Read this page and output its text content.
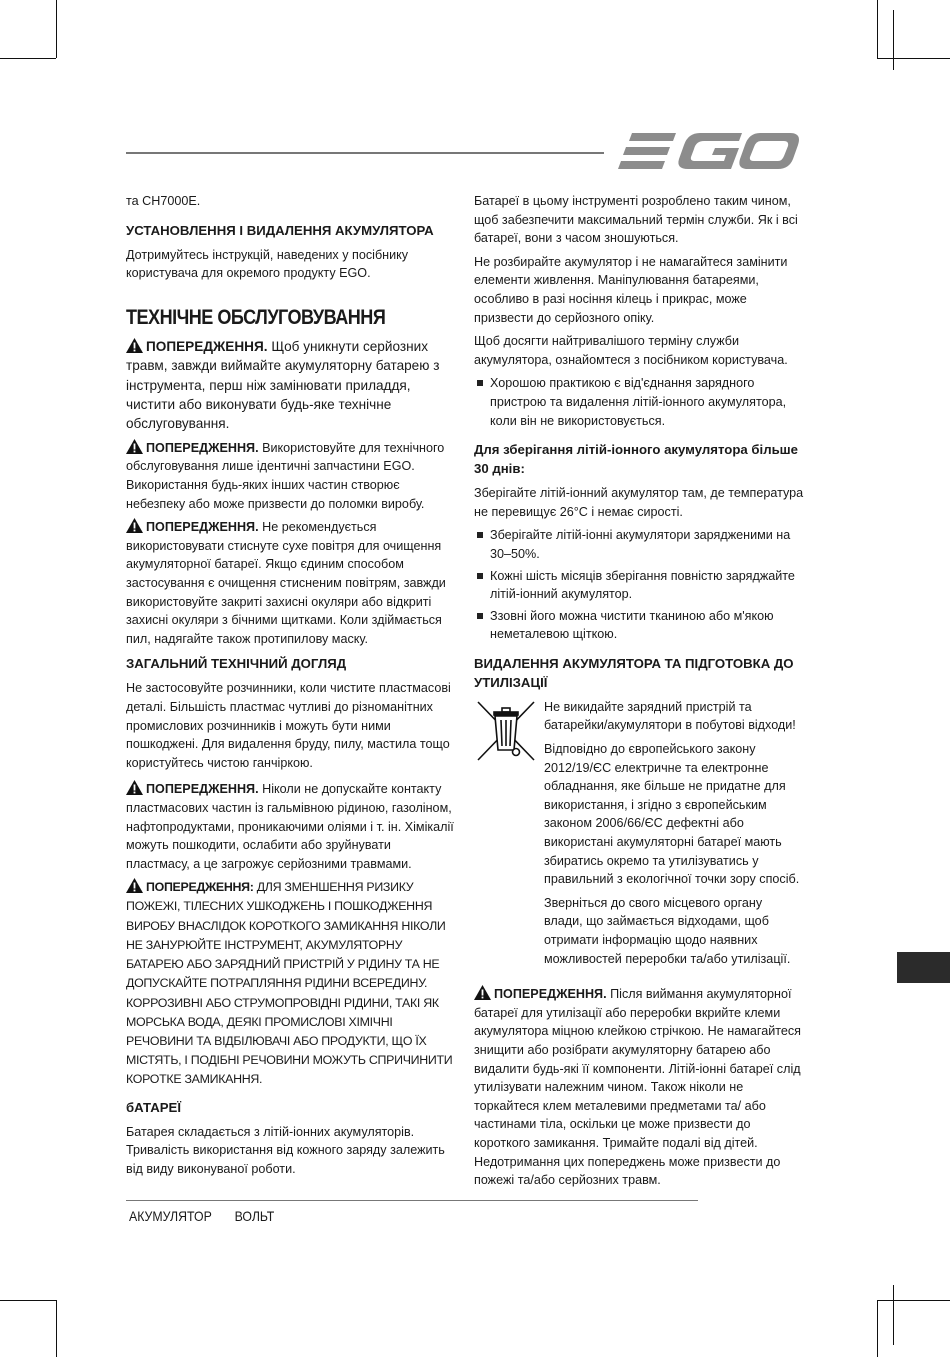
та CH7000E.

УСТАНОВЛЕННЯ І ВИДАЛЕННЯ АКУМУЛЯТОРА

Дотримуйтесь інструкцій, наведених у посібнику користувача для окремого продукту EGO.

ТЕХНІЧНЕ ОБСЛУГОВУВАННЯ

ПОПЕРЕДЖЕННЯ. Щоб уникнути серйозних травм, завжди виймайте акумуляторну батарею з інструмента, перш ніж замінювати приладдя, чистити або виконувати будь-яке технічне обслуговування.

ПОПЕРЕДЖЕННЯ. Використовуйте для технічного обслуговування лише ідентичні запчастини EGO. Використання будь-яких інших частин створює небезпеку або може призвести до поломки виробу.

ПОПЕРЕДЖЕННЯ. Не рекомендується використовувати стиснуте сухе повітря для очищення акумуляторної батареї. Якщо єдиним способом застосування є очищення стисненим повітрям, завжди використовуйте закриті захисні окуляри або відкриті захисні окуляри з бічними щитками. Коли здіймається пил, надягайте також протипилову маску.

ЗАГАЛЬНИЙ ТЕХНІЧНИЙ ДОГЛЯД

Не застосовуйте розчинники, коли чистите пластмасові деталі. Більшість пластмас чутливі до різноманітних промислових розчинників і можуть бути ними пошкоджені. Для видалення бруду, пилу, мастила тощо користуйтесь чистою ганчіркою.

ПОПЕРЕДЖЕННЯ. Ніколи не допускайте контакту пластмасових частин із гальмівною рідиною, газоліном, нафтопродуктами, проникаючими оліями і т. ін. Хімікалії можуть пошкодити, ослабити або зруйнувати пластмасу, а це загрожує серйозними травмами.

ПОПЕРЕДЖЕННЯ: ДЛЯ ЗМЕНШЕННЯ РИЗИКУ ПОЖЕЖІ, ТІЛЕСНИХ УШКОДЖЕНЬ І ПОШКОДЖЕННЯ ВИРОБУ ВНАСЛІДОК КОРОТКОГО ЗАМИКАННЯ НІКОЛИ НЕ ЗАНУРЮЙТЕ ІНСТРУМЕНТ, АКУМУЛЯТОРНУ БАТАРЕЮ АБО ЗАРЯДНИЙ ПРИСТРІЙ У РІДИНУ ТА НЕ ДОПУСКАЙТЕ ПОТРАПЛЯННЯ РІДИНИ ВСЕРЕДИНУ. КОРРОЗИВНІ АБО СТРУМОПРОВІДНІ РІДИНИ, ТАКІ ЯК МОРСЬКА ВОДА, ДЕЯКІ ПРОМИСЛОВІ ХІМІЧНІ РЕЧОВИНИ ТА ВІДБІЛЮВАЧІ АБО ПРОДУКТИ, ЩО ЇХ МІСТЯТЬ, І ПОДІБНІ РЕЧОВИНИ МОЖУТЬ СПРИЧИНИТИ КОРОТКЕ ЗАМИКАННЯ.

бАТАРЕЇ

Батарея складається з літій-іонних акумуляторів. Тривалість використання від кожного заряду залежить від виду виконуваної роботи.

Батареї в цьому інструменті розроблено таким чином, щоб забезпечити максимальний термін служби. Як і всі батареї, вони з часом зношуються.

Не розбирайте акумулятор і не намагайтеся замінити елементи живлення. Маніпулювання батареями, особливо в разі носіння кілець і прикрас, може призвести до серйозного опіку.

Щоб досягти найтривалішого терміну служби акумулятора, ознайомтеся з посібником користувача.

Хорошою практикою є від'єднання зарядного пристрою та видалення літій-іонного акумулятора, коли він не використовується.
Для зберігання літій-іонного акумулятора більше 30 днів:

Зберігайте літій-іонний акумулятор там, де температура не перевищує 26°C і немає сирості.

Зберігайте літій-іонні акумулятори зарядженими на 30–50%.
Кожні шість місяців зберігання повністю заряджайте літій-іонний акумулятор.
Ззовні його можна чистити тканиною або м'якою неметалевою щіткою.
ВИДАЛЕННЯ АКУМУЛЯТОРА ТА ПІДГОТОВКА ДО УТИЛІЗАЦІЇ

Не викидайте зарядний пристрій та батарейки/акумулятори в побутові відходи!

Відповідно до європейського закону 2012/19/ЄС електричне та електронне обладнання, яке більше не придатне для використання, і згідно з європейським законом 2006/66/ЄС дефектні або використані акумуляторні батареї мають збиратись окремо та утилізуватись у правильний з екологічної точки зору спосіб.

Зверніться до свого місцевого органу влади, що займається відходами, щоб отримати інформацію щодо наявних можливостей переробки та/або утилізації.

ПОПЕРЕДЖЕННЯ. Після виймання акумуляторної батареї для утилізації або переробки вкрийте клеми акумулятора міцною клейкою стрічкою. Не намагайтеся знищити або розібрати акумуляторну батарею або видалити будь-які її компоненти. Літій-іонні батареї слід утилізувати належним чином. Також ніколи не торкайтеся клем металевими предметами та/ або частинами тіла, оскільки це може призвести до короткого замикання. Тримайте подалі від дітей. Недотримання цих попереджень може призвести до пожежі та/або серйозних травм.

АКУМУЛЯТОР ВОЛЬТ
